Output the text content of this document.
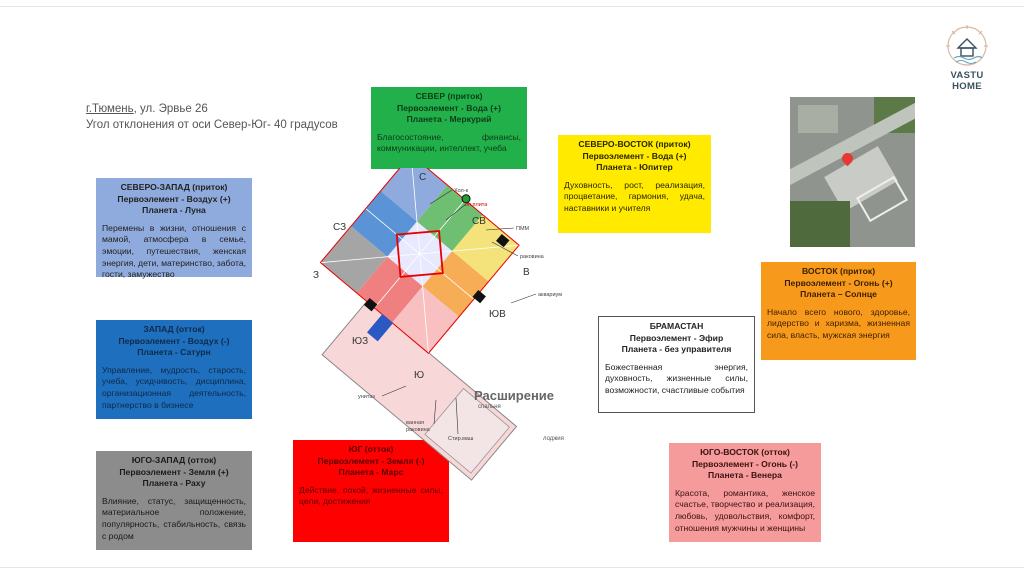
г.Тюмень, ул. Эрвье 26
Угол отклонения от оси Север-Юг- 40 градусов
VASTU HOME
СЕВЕРО-ЗАПАД (приток)
Первоэлемент - Воздух (+)
Планета - Луна
Перемены в жизни, отношения с мамой, атмосфера в семье, эмоции, путешествия, женская энергия, дети, материнство, забота, гости, замужество
ЗАПАД (отток)
Первоэлемент - Воздух (-)
Планета - Сатурн
Управление, мудрость, старость, учеба, усидчивость, дисциплина, организационная деятельность, партнерство в бизнесе
ЮГО-ЗАПАД (отток)
Первоэлемент - Земля (+)
Планета - Раху
Влияние, статус, защищенность, материальное положение, популярность, стабильность, связь с родом
СЕВЕР (приток)
Первоэлемент - Вода (+)
Планета - Меркурий
Благосостояние, финансы, коммуникации, интеллект, учеба	СЕВЕРО-ВОСТОК (приток)
Первоэлемент - Вода (+)
Планета - Юпитер
Духовность, рост, реализация, процветание, гармония, удача, наставники и учителя
ВОСТОК (приток)
Первоэлемент - Огонь (+)
Планета – Солнце
Начало всего нового, здоровье, лидерство и харизма, жизненная сила, власть, мужская энергия
БРАМАСТАН
Первоэлемент - Эфир
Планета - без управителя
Божественная энергия, духовность, жизненные силы, возможности, счастливые события
ЮГ (отток)
Первоэлемент - Земля (-)
Планета - Марс
Действие, покой, жизненные силы, цели, достижения
ЮГО-ВОСТОК (отток)
Первоэлемент - Огонь (-)
Планета - Венера
Красота, романтика, женское счастье, творчество и реализация, любовь, удовольствия, комфорт, отношения мужчины и женщины
С
СВ
В
ЮВ
Ю
ЮЗ
З
СЗ
Хол-к
Эл плита
ПММ
раковина
аквариум
ванная
унитаз
ванная
раковина
Стир.маш
спальня
лоджия
Расширение
